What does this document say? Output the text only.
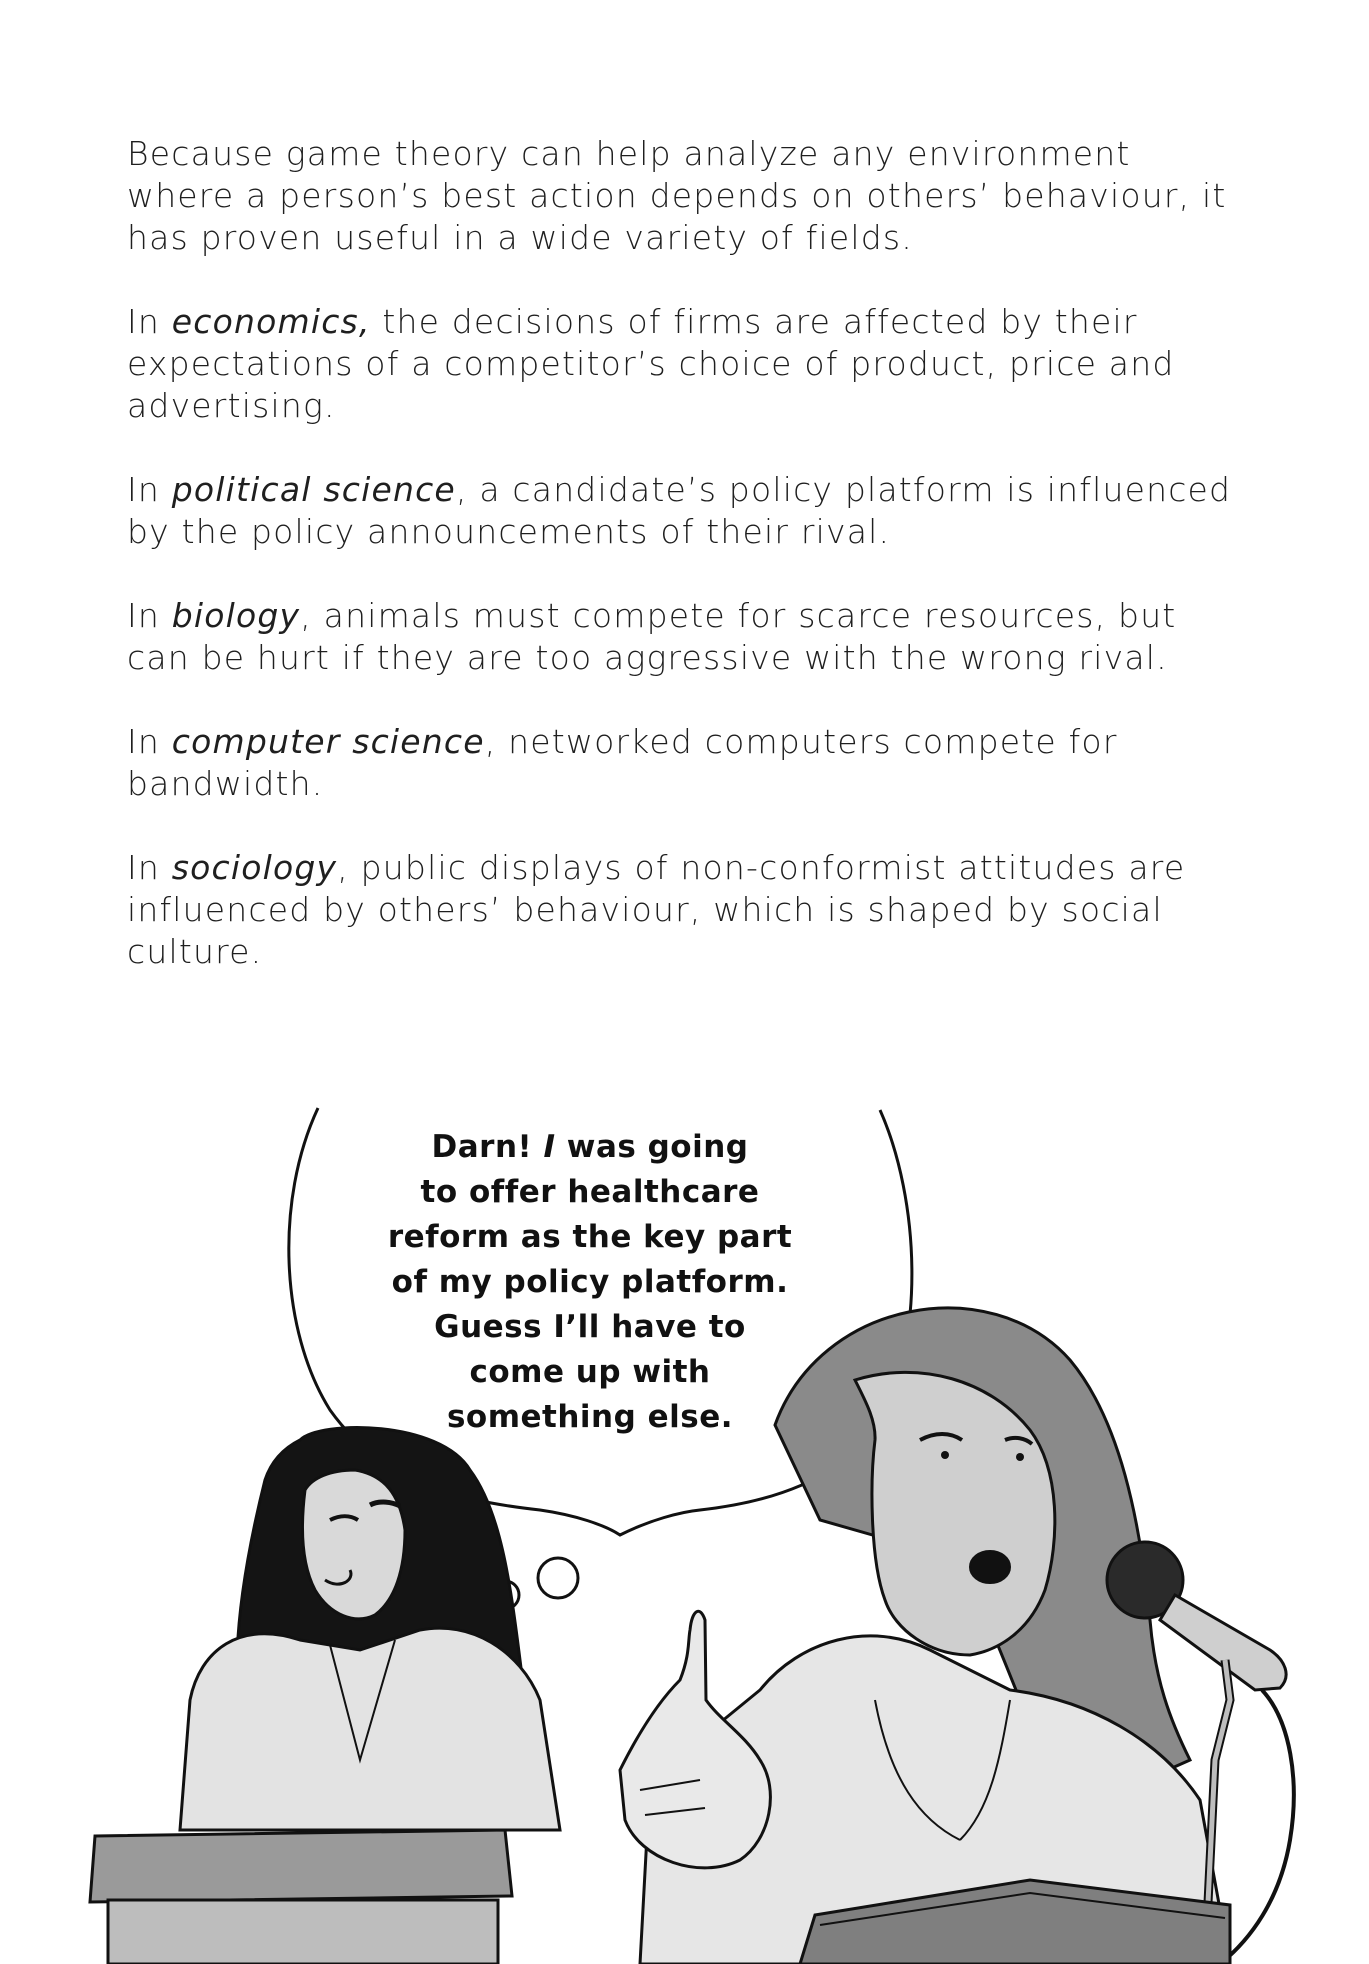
Because game theory can help analyze any environment where a person’s best action depends on others’ behaviour, it has proven useful in a wide variety of fields.

In economics, the decisions of firms are affected by their expectations of a competitor’s choice of product, price and advertising.

In political science, a candidate’s policy platform is influenced by the policy announcements of their rival.

In biology, animals must compete for scarce resources, but can be hurt if they are too aggressive with the wrong rival.

In computer science, networked computers compete for bandwidth.

In sociology, public displays of non-conformist attitudes are influenced by others’ behaviour, which is shaped by social culture.

Darn! I was going
to offer healthcare
reform as the key part
of my policy platform.
Guess I’ll have to
come up with
something else.
